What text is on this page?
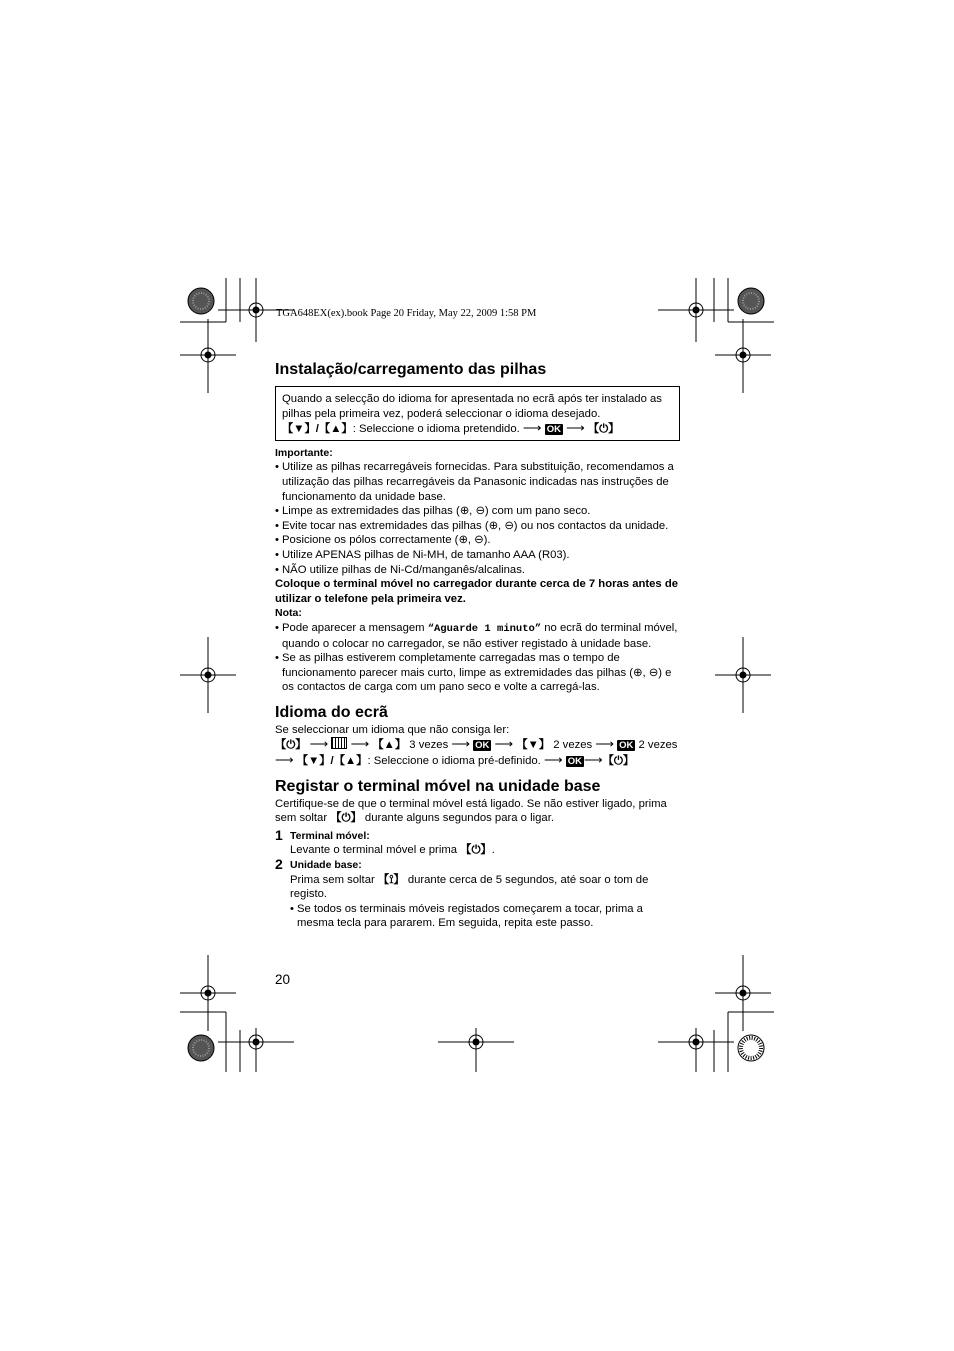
TGA648EX(ex).book Page 20 Friday, May 22, 2009 1:58 PM
Instalação/carregamento das pilhas

Quando a selecção do idioma for apresentada no ecrã após ter instalado as

pilhas pela primeira vez, poderá seleccionar o idioma desejado.

【▼】/【▲】: Seleccione o idioma pretendido. ⟶ OK ⟶ 【⏻】

Importante:

• Utilize as pilhas recarregáveis fornecidas. Para substituição, recomendamos a utilização das pilhas recarregáveis da Panasonic indicadas nas instruções de funcionamento da unidade base.
• Limpe as extremidades das pilhas (⊕, ⊖) com um pano seco.
• Evite tocar nas extremidades das pilhas (⊕, ⊖) ou nos contactos da unidade.
• Posicione os pólos correctamente (⊕, ⊖).
• Utilize APENAS pilhas de Ni-MH, de tamanho AAA (R03).
• NÃO utilize pilhas de Ni-Cd/manganês/alcalinas.

Coloque o terminal móvel no carregador durante cerca de 7 horas antes de utilizar o telefone pela primeira vez.

Nota:

• Pode aparecer a mensagem “Aguarde 1 minuto” no ecrã do terminal móvel, quando o colocar no carregador, se não estiver registado à unidade base.
• Se as pilhas estiverem completamente carregadas mas o tempo de funcionamento parecer mais curto, limpe as extremidades das pilhas (⊕, ⊖) e os contactos de carga com um pano seco e volte a carregá-las.
Idioma do ecrã

Se seleccionar um idioma que não consiga ler:

【⏻】 ⟶ ⟶ 【▲】 3 vezes ⟶ OK ⟶ 【▼】 2 vezes ⟶ OK 2 vezes

⟶ 【▼】/【▲】: Seleccione o idioma pré-definido. ⟶ OK ⟶【⏻】

Registar o terminal móvel na unidade base

Certifique-se de que o terminal móvel está ligado. Se não estiver ligado, prima sem soltar 【⏻】 durante alguns segundos para o ligar.

1 Terminal móvel:

Levante o terminal móvel e prima 【⏻】.

2 Unidade base:

Prima sem soltar 【⟟】 durante cerca de 5 segundos, até soar o tom de registo.

• Se todos os terminais móveis registados começarem a tocar, prima a mesma tecla para pararem. Em seguida, repita este passo.
20
